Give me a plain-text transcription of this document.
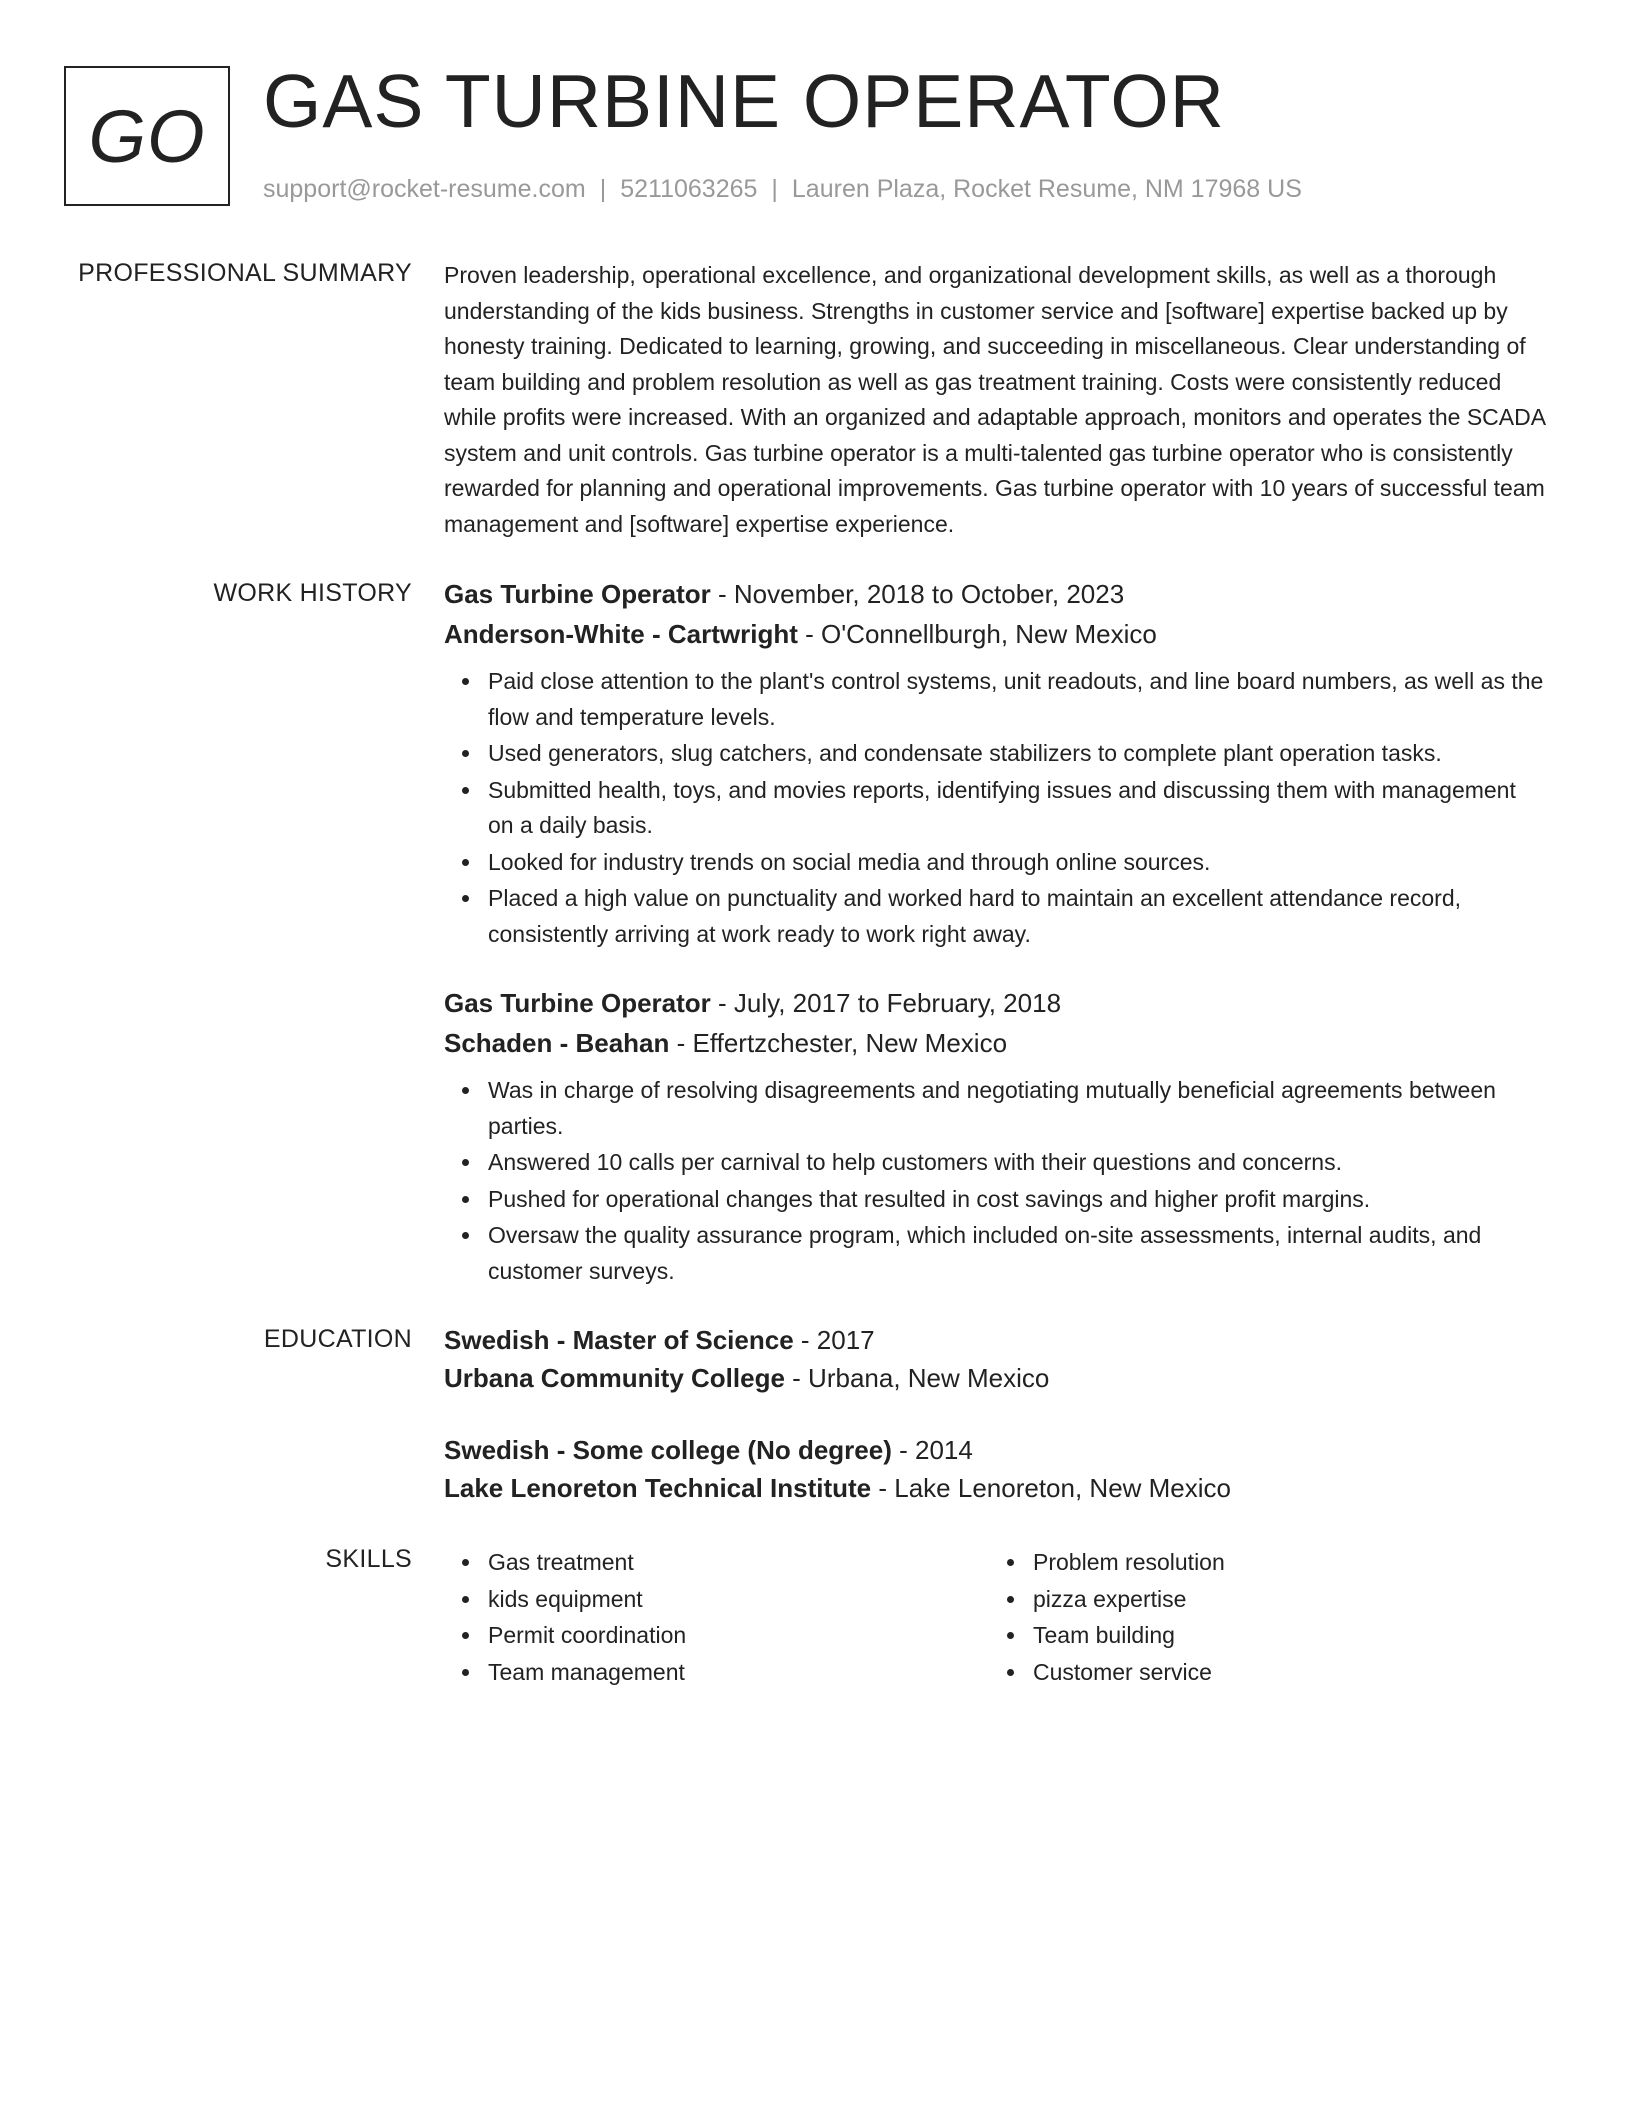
GO GAS TURBINE OPERATOR
support@rocket-resume.com | 5211063265 | Lauren Plaza, Rocket Resume, NM 17968 US
PROFESSIONAL SUMMARY Proven leadership, operational excellence, and organizational development skills, as well as a thorough understanding of the kids business. Strengths in customer service and [software] expertise backed up by honesty training. Dedicated to learning, growing, and succeeding in miscellaneous. Clear understanding of team building and problem resolution as well as gas treatment training. Costs were consistently reduced while profits were increased. With an organized and adaptable approach, monitors and operates the SCADA system and unit controls. Gas turbine operator is a multi-talented gas turbine operator who is consistently rewarded for planning and operational improvements. Gas turbine operator with 10 years of successful team management and [software] expertise experience.

WORK HISTORY Gas Turbine Operator - November, 2018 to October, 2023

Anderson-White - Cartwright - O'Connellburgh, New Mexico

Paid close attention to the plant's control systems, unit readouts, and line board numbers, as well as the flow and temperature levels.
Used generators, slug catchers, and condensate stabilizers to complete plant operation tasks.
Submitted health, toys, and movies reports, identifying issues and discussing them with management on a daily basis.
Looked for industry trends on social media and through online sources.
Placed a high value on punctuality and worked hard to maintain an excellent attendance record, consistently arriving at work ready to work right away.

Gas Turbine Operator - July, 2017 to February, 2018

Schaden - Beahan - Effertzchester, New Mexico

Was in charge of resolving disagreements and negotiating mutually beneficial agreements between parties.
Answered 10 calls per carnival to help customers with their questions and concerns.
Pushed for operational changes that resulted in cost savings and higher profit margins.
Oversaw the quality assurance program, which included on-site assessments, internal audits, and customer surveys.
EDUCATION Swedish - Master of Science - 2017

Urbana Community College - Urbana, New Mexico

Swedish - Some college (No degree) - 2014

Lake Lenoreton Technical Institute - Lake Lenoreton, New Mexico

SKILLS	Gas treatment
kids equipment
Permit coordination
Team management
Problem resolution
pizza expertise
Team building
Customer service
